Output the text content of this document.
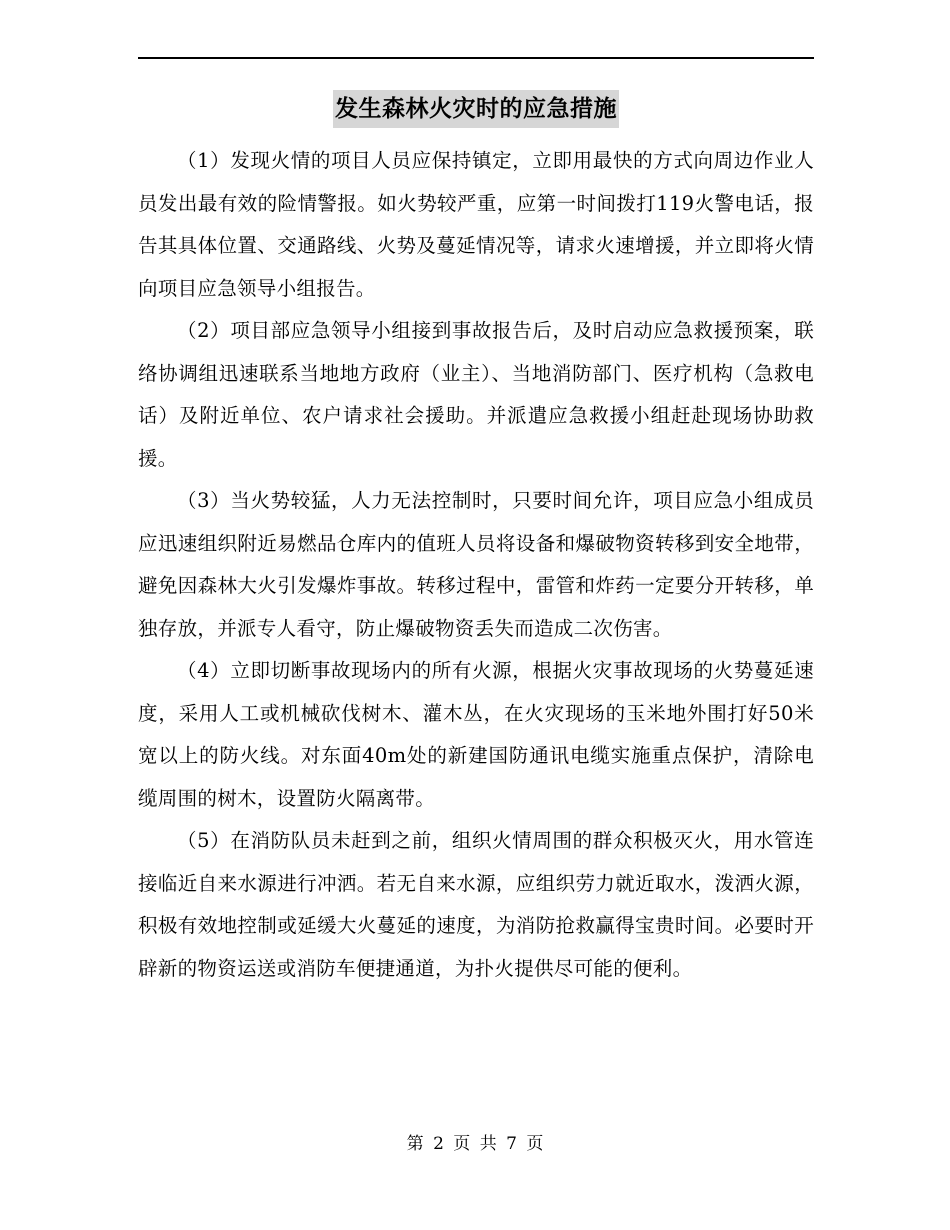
发生森林火灾时的应急措施

（1）发现火情的项目人员应保持镇定，立即用最快的方式向周边作业人员发出最有效的险情警报。如火势较严重，应第一时间拨打119火警电话，报告其具体位置、交通路线、火势及蔓延情况等，请求火速增援，并立即将火情向项目应急领导小组报告。

（2）项目部应急领导小组接到事故报告后，及时启动应急救援预案，联络协调组迅速联系当地地方政府（业主）、当地消防部门、医疗机构（急救电话）及附近单位、农户请求社会援助。并派遣应急救援小组赶赴现场协助救援。

（3）当火势较猛，人力无法控制时，只要时间允许，项目应急小组成员应迅速组织附近易燃品仓库内的值班人员将设备和爆破物资转移到安全地带，避免因森林大火引发爆炸事故。转移过程中，雷管和炸药一定要分开转移，单独存放，并派专人看守，防止爆破物资丢失而造成二次伤害。

（4）立即切断事故现场内的所有火源，根据火灾事故现场的火势蔓延速度，采用人工或机械砍伐树木、灌木丛，在火灾现场的玉米地外围打好50米宽以上的防火线。对东面40m处的新建国防通讯电缆实施重点保护，清除电缆周围的树木，设置防火隔离带。

（5）在消防队员未赶到之前，组织火情周围的群众积极灭火，用水管连接临近自来水源进行冲洒。若无自来水源，应组织劳力就近取水，泼洒火源，积极有效地控制或延缓大火蔓延的速度，为消防抢救赢得宝贵时间。必要时开辟新的物资运送或消防车便捷通道，为扑火提供尽可能的便利。

第 2 页 共 7 页
